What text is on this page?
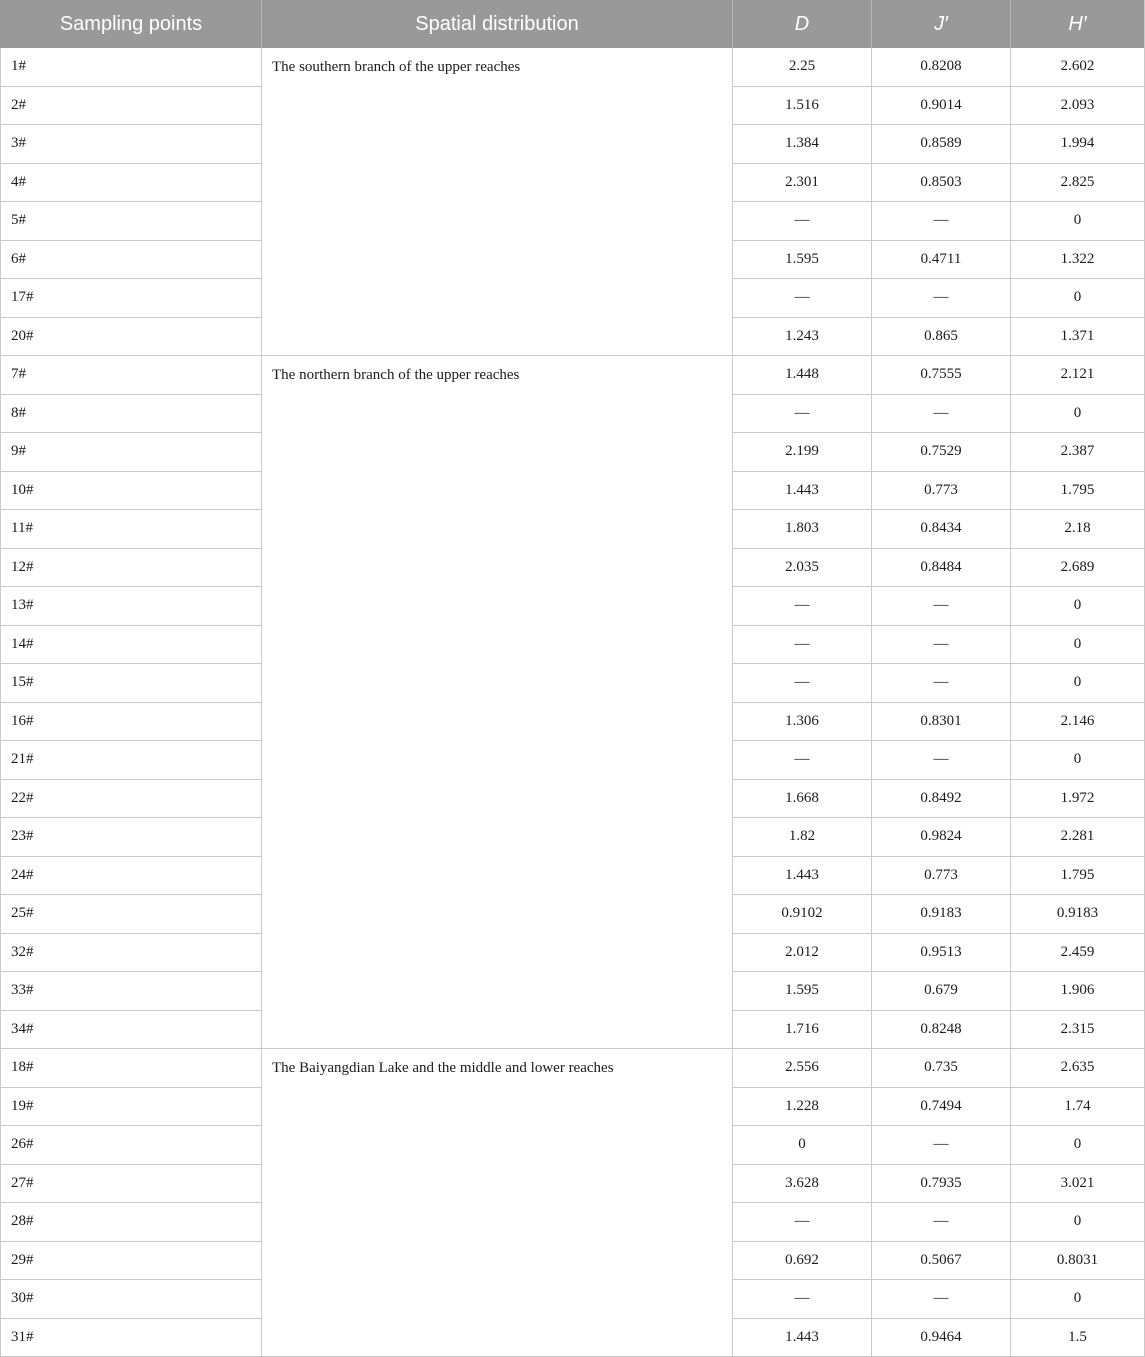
Sampling points	Spatial distribution	D	J′	H′
1#	The southern branch of the upper reaches	2.25	0.8208	2.602
2#	1.516	0.9014	2.093
3#	1.384	0.8589	1.994
4#	2.301	0.8503	2.825
5#	—	—	0
6#	1.595	0.4711	1.322
17#	—	—	0
20#	1.243	0.865	1.371
7#	The northern branch of the upper reaches	1.448	0.7555	2.121
8#	—	—	0
9#	2.199	0.7529	2.387
10#	1.443	0.773	1.795
11#	1.803	0.8434	2.18
12#	2.035	0.8484	2.689
13#	—	—	0
14#	—	—	0
15#	—	—	0
16#	1.306	0.8301	2.146
21#	—	—	0
22#	1.668	0.8492	1.972
23#	1.82	0.9824	2.281
24#	1.443	0.773	1.795
25#	0.9102	0.9183	0.9183
32#	2.012	0.9513	2.459
33#	1.595	0.679	1.906
34#	1.716	0.8248	2.315
18#	The Baiyangdian Lake and the middle and lower reaches	2.556	0.735	2.635
19#	1.228	0.7494	1.74
26#	0	—	0
27#	3.628	0.7935	3.021
28#	—	—	0
29#	0.692	0.5067	0.8031
30#	—	—	0
31#	1.443	0.9464	1.5
